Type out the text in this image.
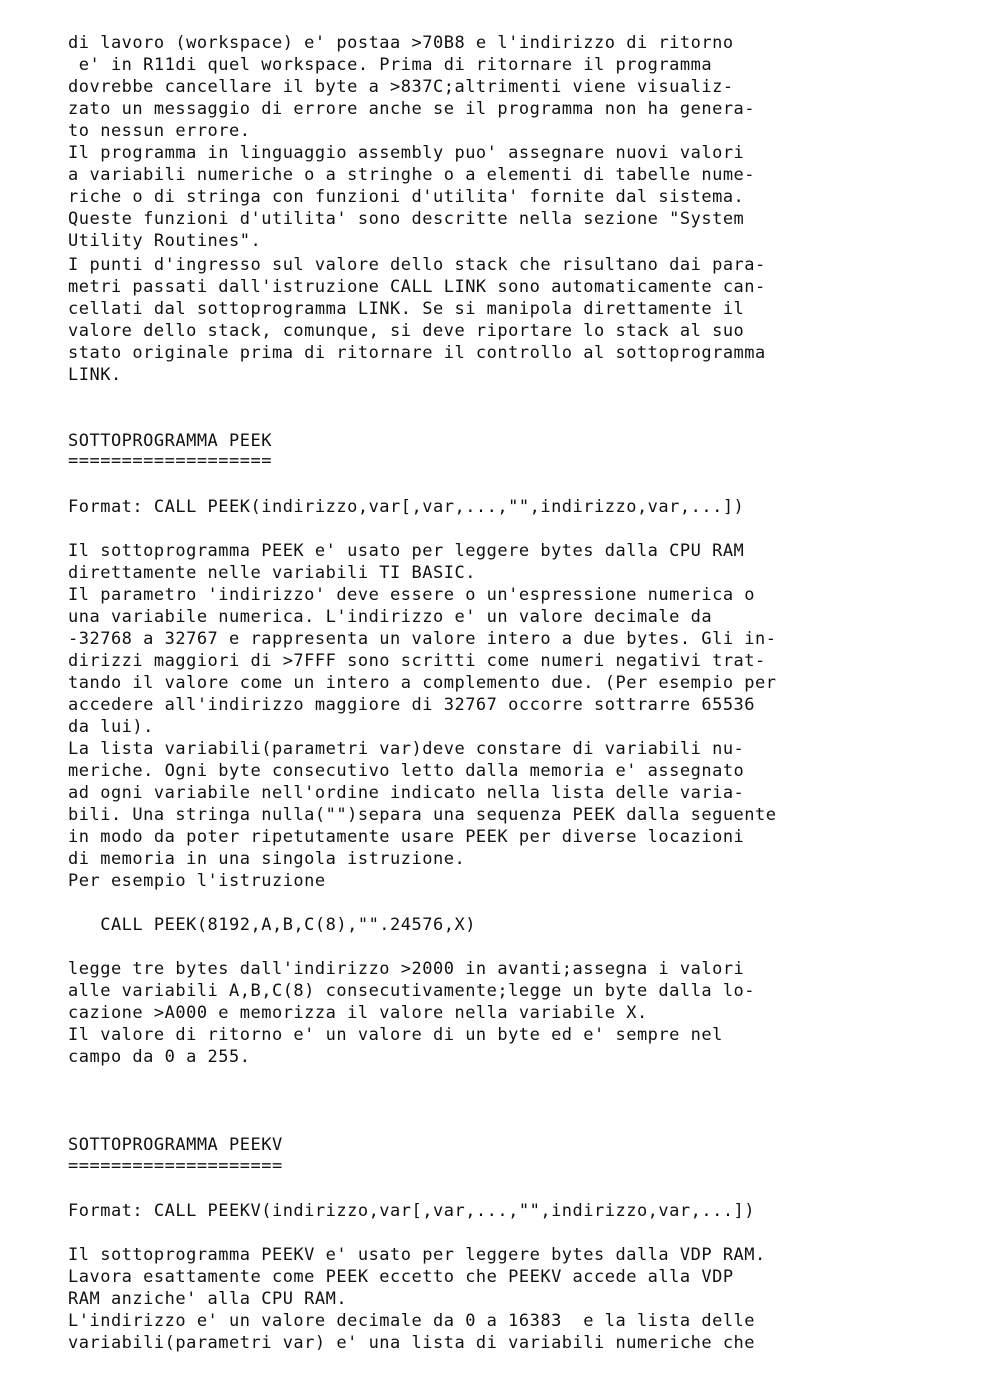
di lavoro (workspace) e' postaa >70B8 e l'indirizzo di ritorno

e' in R11di quel workspace. Prima di ritornare il programma

dovrebbe cancellare il byte a >837C;altrimenti viene visualiz-

zato un messaggio di errore anche se il programma non ha genera-

to nessun errore.

Il programma in linguaggio assembly puo' assegnare nuovi valori

a variabili numeriche o a stringhe o a elementi di tabelle nume-

riche o di stringa con funzioni d'utilita' fornite dal sistema.

Queste funzioni d'utilita' sono descritte nella sezione "System

Utility Routines".

I punti d'ingresso sul valore dello stack che risultano dai para-

metri passati dall'istruzione CALL LINK sono automaticamente can-

cellati dal sottoprogramma LINK. Se si manipola direttamente il

valore dello stack, comunque, si deve riportare lo stack al suo

stato originale prima di ritornare il controllo al sottoprogramma

LINK.

SOTTOPROGRAMMA PEEK

===================

Format: CALL PEEK(indirizzo,var[,var,...,"",indirizzo,var,...])

Il sottoprogramma PEEK e' usato per leggere bytes dalla CPU RAM

direttamente nelle variabili TI BASIC.

Il parametro 'indirizzo' deve essere o un'espressione numerica o

una variabile numerica. L'indirizzo e' un valore decimale da

-32768 a 32767 e rappresenta un valore intero a due bytes. Gli in-

dirizzi maggiori di >7FFF sono scritti come numeri negativi trat-

tando il valore come un intero a complemento due. (Per esempio per

accedere all'indirizzo maggiore di 32767 occorre sottrarre 65536

da lui).

La lista variabili(parametri var)deve constare di variabili nu-

meriche. Ogni byte consecutivo letto dalla memoria e' assegnato

ad ogni variabile nell'ordine indicato nella lista delle varia-

bili. Una stringa nulla("")separa una sequenza PEEK dalla seguente

in modo da poter ripetutamente usare PEEK per diverse locazioni

di memoria in una singola istruzione.

Per esempio l'istruzione

CALL PEEK(8192,A,B,C(8),"".24576,X)

legge tre bytes dall'indirizzo >2000 in avanti;assegna i valori

alle variabili A,B,C(8) consecutivamente;legge un byte dalla lo-

cazione >A000 e memorizza il valore nella variabile X.

Il valore di ritorno e' un valore di un byte ed e' sempre nel

campo da 0 a 255.

SOTTOPROGRAMMA PEEKV

====================

Format: CALL PEEKV(indirizzo,var[,var,...,"",indirizzo,var,...])

Il sottoprogramma PEEKV e' usato per leggere bytes dalla VDP RAM.

Lavora esattamente come PEEK eccetto che PEEKV accede alla VDP

RAM anziche' alla CPU RAM.

L'indirizzo e' un valore decimale da 0 a 16383  e la lista delle

variabili(parametri var) e' una lista di variabili numeriche che
